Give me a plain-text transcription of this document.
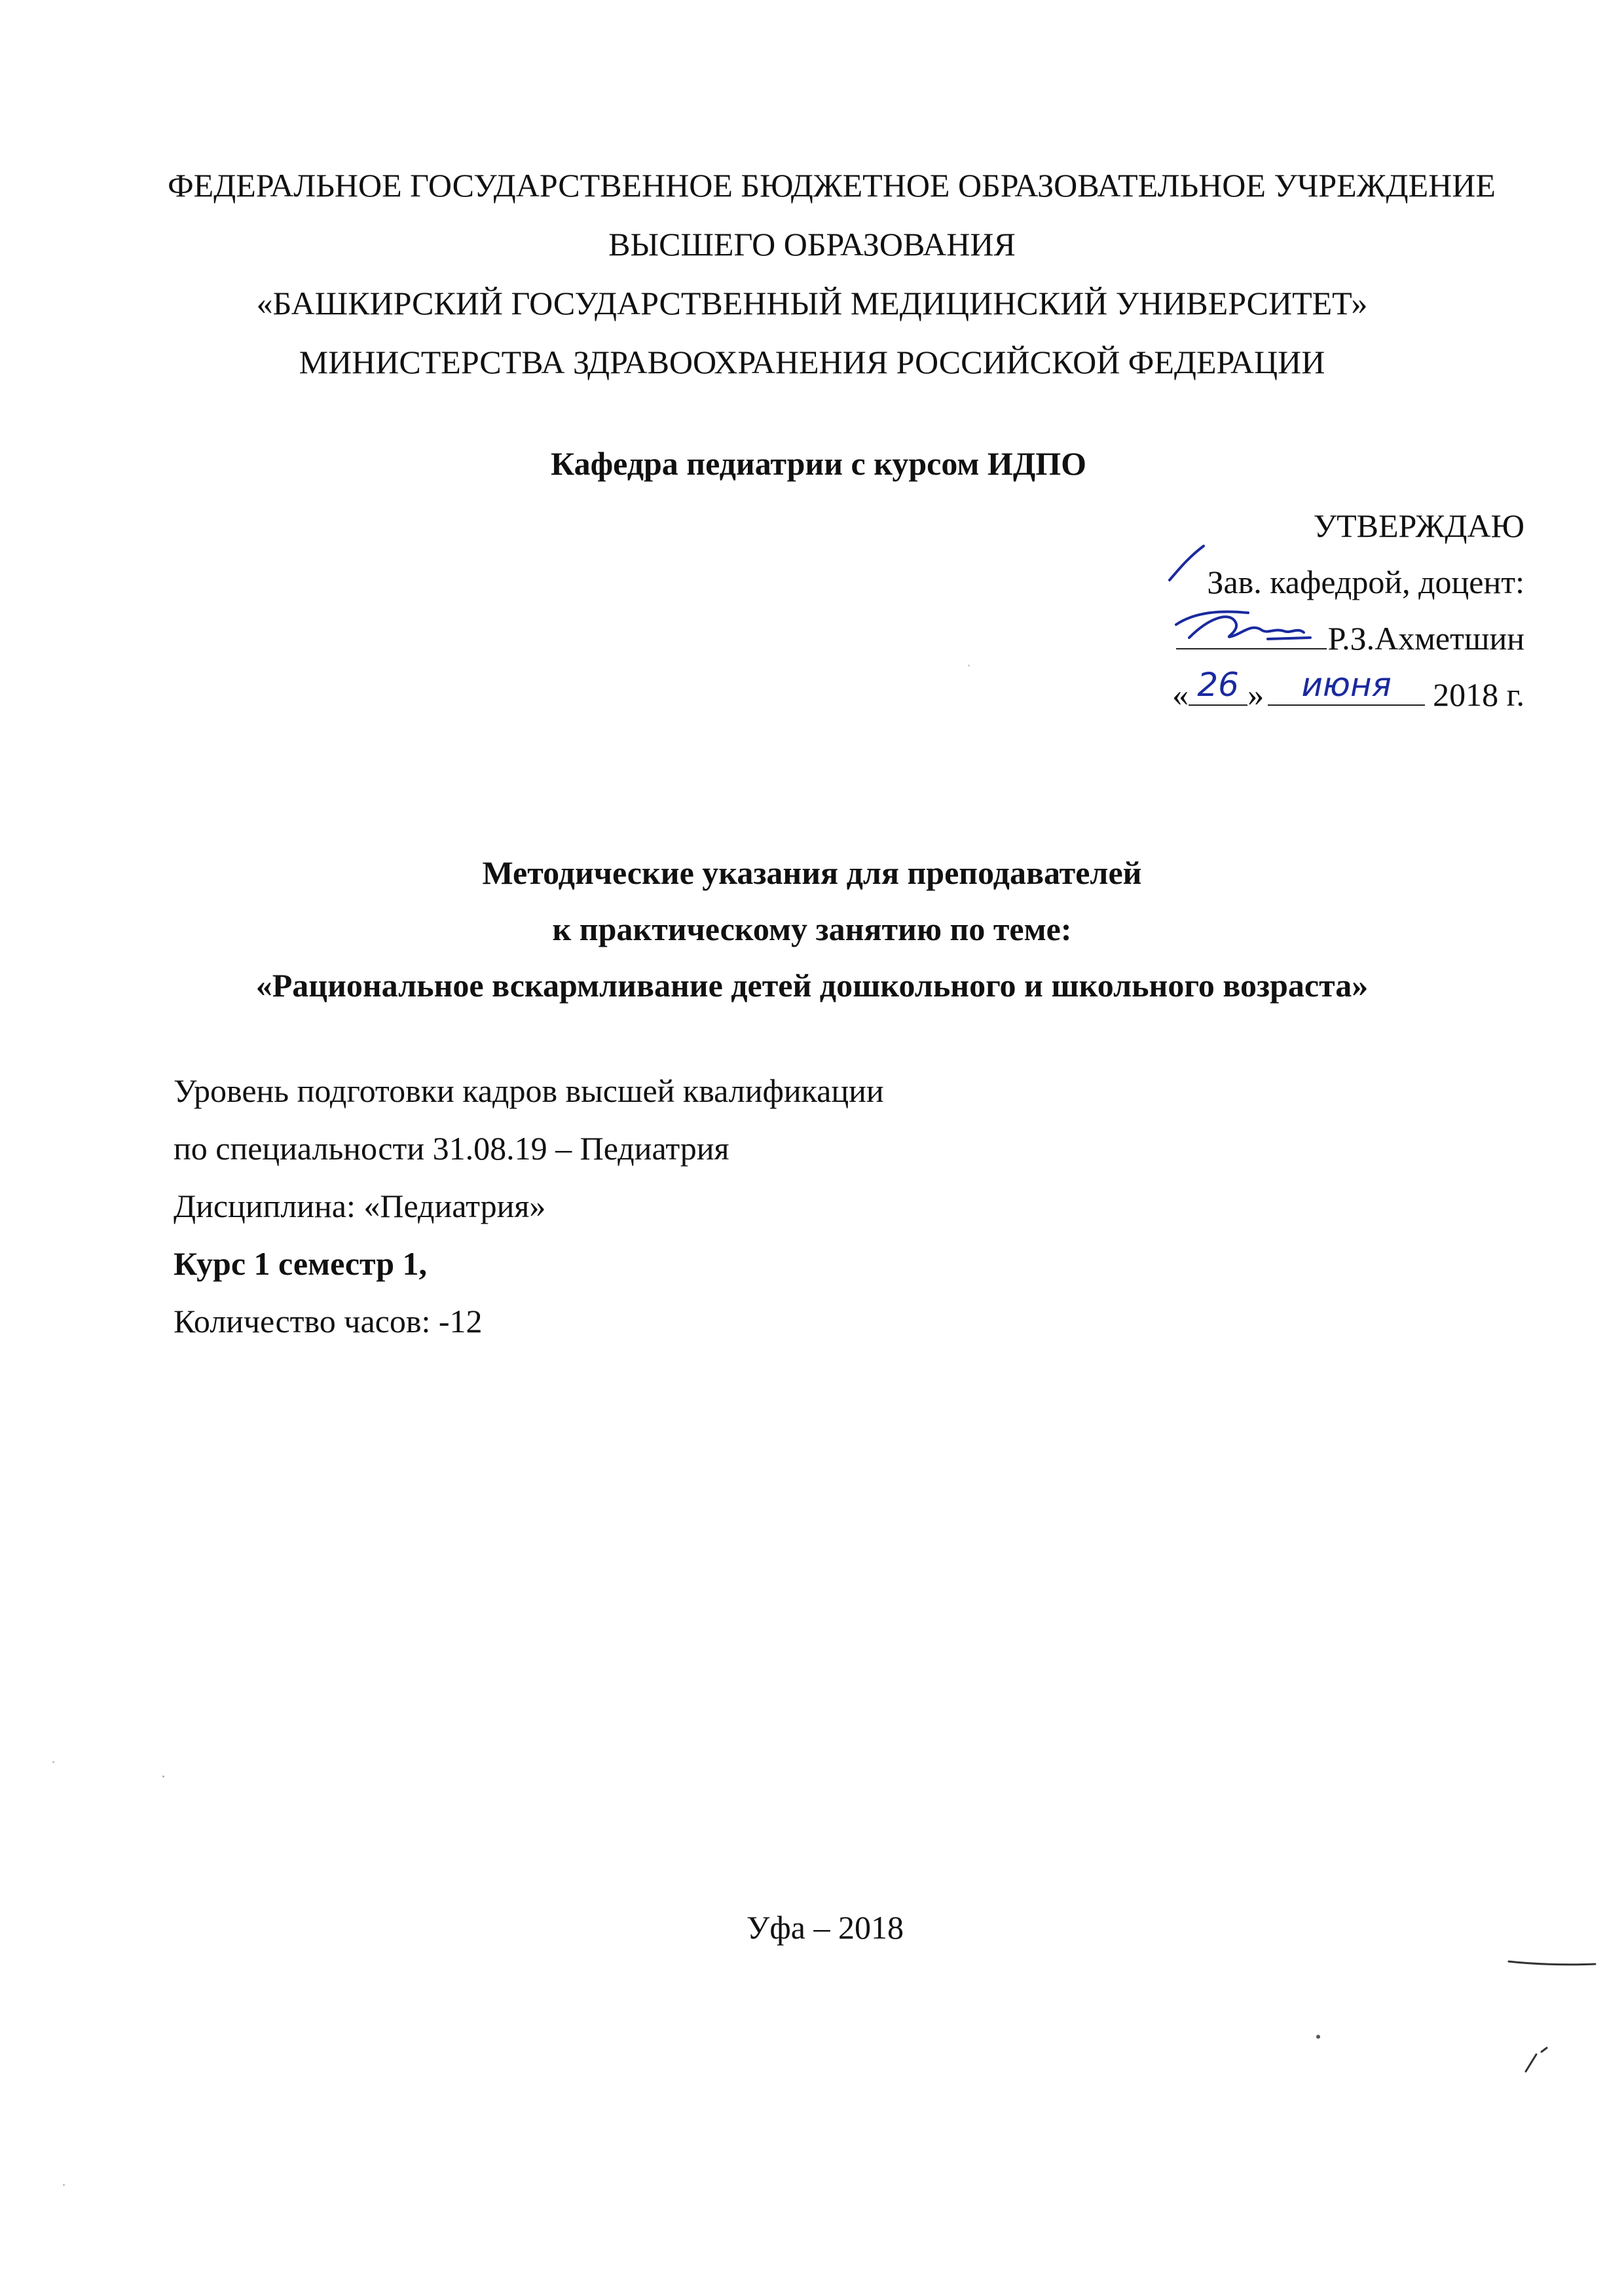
ФЕДЕРАЛЬНОЕ ГОСУДАРСТВЕННОЕ БЮДЖЕТНОЕ ОБРАЗОВАТЕЛЬНОЕ УЧРЕЖДЕНИЕ
ВЫСШЕГО ОБРАЗОВАНИЯ
«БАШКИРСКИЙ ГОСУДАРСТВЕННЫЙ МЕДИЦИНСКИЙ УНИВЕРСИТЕТ»
МИНИСТЕРСТВА ЗДРАВООХРАНЕНИЯ РОССИЙСКОЙ ФЕДЕРАЦИИ
Кафедра педиатрии с курсом ИДПО
УТВЕРЖДАЮ
Зав. кафедрой, доцент:
Р.З.Ахметшин
« 26 »	июня	2018 г.
Методические указания для преподавателей
к практическому занятию по теме:
«Рациональное вскармливание детей дошкольного и школьного возраста»
Уровень подготовки кадров высшей квалификации
по специальности 31.08.19 – Педиатрия
Дисциплина: «Педиатрия»
Курс 1 семестр 1,
Количество часов: -12
Уфа – 2018
